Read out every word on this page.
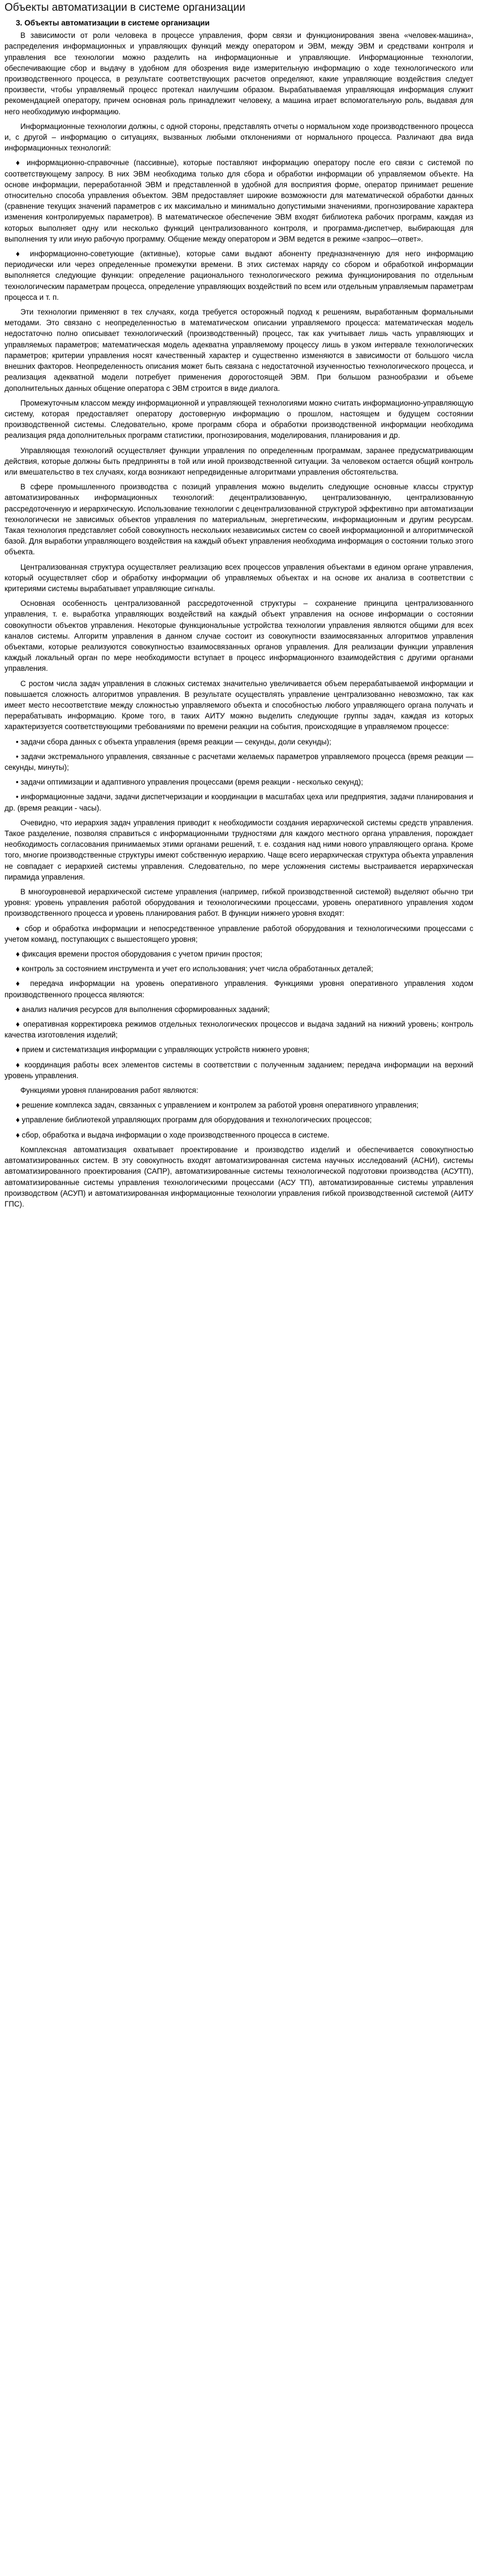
Объекты автоматизации в системе организации
3. Объекты автоматизации в системе организации

В зависимости от роли человека в процессе управления, форм связи и функционирования звена «человек-машина», распределения информационных и управляющих функций между оператором и ЭВМ, между ЭВМ и средствами контроля и управления все технологии можно разделить на информационные и управляющие. Информационные технологии, обеспечивающие сбор и выдачу в удобном для обозрения виде измерительную информацию о ходе технологического или производственного процесса, в результате соответствующих расчетов определяют, какие управляющие воздействия следует произвести, чтобы управляемый процесс протекал наилучшим образом. Вырабатываемая управляющая информация служит рекомендацией оператору, причем основная роль принадлежит человеку, а машина играет вспомогательную роль, выдавая для него необходимую информацию.

Информационные технологии должны, с одной стороны, представлять отчеты о нормальном ходе производственного процесса и, с другой – информацию о ситуациях, вызванных любыми отклонениями от нормального процесса. Различают два вида информационных технологий:

♦ информационно-справочные (пассивные), которые поставляют информацию оператору после его связи с системой по соответствующему запросу. В них ЭВМ необходима только для сбора и обработки информации об управляемом объекте. На основе информации, переработанной ЭВМ и представленной в удобной для восприятия форме, оператор принимает решение относительно способа управления объектом. ЭВМ предоставляет широкие возможности для математической обработки данных (сравнение текущих значений параметров с их максимально и минимально допустимыми значениями, прогнозирование характера изменения контролируемых параметров). В математическое обеспечение ЭВМ входят библиотека рабочих программ, каждая из которых выполняет одну или несколько функций централизованного контроля, и программа-диспетчер, выбирающая для выполнения ту или иную рабочую программу. Общение между оператором и ЭВМ ведется в режиме «запрос—ответ».

♦ информационно-советующие (активные), которые сами выдают абоненту предназначенную для него информацию периодически или через определенные промежутки времени. В этих системах наряду со сбором и обработкой информации выполняется следующие функции: определение рационального технологического режима функционирования по отдельным технологическим параметрам процесса, определение управляющих воздействий по всем или отдельным управляемым параметрам процесса и т. п.

Эти технологии применяют в тех случаях, когда требуется осторожный подход к решениям, выработанным формальными методами. Это связано с неопределенностью в математическом описании управляемого процесса: математическая модель недостаточно полно описывает технологический (производственный) процесс, так как учитывает лишь часть управляющих и управляемых параметров; математическая модель адекватна управляемому процессу лишь в узком интервале технологических параметров; критерии управления носят качественный характер и существенно изменяются в зависимости от большого числа внешних факторов. Неопределенность описания может быть связана с недостаточной изученностью технологического процесса, и реализация адекватной модели потребует применения дорогостоящей ЭВМ. При большом разнообразии и объеме дополнительных данных общение оператора с ЭВМ строится в виде диалога.

Промежуточным классом между информационной и управляющей технологиями можно считать информационно-управляющую систему, которая предоставляет оператору достоверную информацию о прошлом, настоящем и будущем состоянии производственной системы. Следовательно, кроме программ сбора и обработки производственной информации необходима реализация ряда дополнительных программ статистики, прогнозирования, моделирования, планирования и др.

Управляющая технологий осуществляет функции управления по определенным программам, заранее предусматривающим действия, которые должны быть предприняты в той или иной производственной ситуации. За человеком остается общий контроль или вмешательство в тех случаях, когда возникают непредвиденные алгоритмами управления обстоятельства.

В сфере промышленного производства с позиций управления можно выделить следующие основные классы структур автоматизированных информационных технологий: децентрализованную, централизованную, централизованную рассредоточенную и иерархическую. Использование технологии с децентрализованной структурой эффективно при автоматизации технологически не зависимых объектов управления по материальным, энергетическим, информационным и другим ресурсам. Такая технология представляет собой совокупность нескольких независимых систем со своей информационной и алгоритмической базой. Для выработки управляющего воздействия на каждый объект управления необходима информация о состоянии только этого объекта.

Централизованная структура осуществляет реализацию всех процессов управления объектами в едином органе управления, который осуществляет сбор и обработку информации об управляемых объектах и на основе их анализа в соответствии с критериями системы вырабатывает управляющие сигналы.

Основная особенность централизованной рассредоточенной структуры – сохранение принципа централизованного управления, т. е. выработка управляющих воздействий на каждый объект управления на основе информации о состоянии совокупности объектов управления. Некоторые функциональные устройства технологии управления являются общими для всех каналов системы. Алгоритм управления в данном случае состоит из совокупности взаимосвязанных алгоритмов управления объектами, которые реализуются совокупностью взаимосвязанных органов управления. Для реализации функции управления каждый локальный орган по мере необходимости вступает в процесс информационного взаимодействия с другими органами управления.

С ростом числа задач управления в сложных системах значительно увеличивается объем перерабатываемой информации и повышается сложность алгоритмов управления. В результате осуществлять управление централизованно невозможно, так как имеет место несоответствие между сложностью управляемого объекта и способностью любого управляющего органа получать и перерабатывать информацию. Кроме того, в таких АИТУ можно выделить следующие группы задач, каждая из которых характеризуется соответствующими требованиями по времени реакции на события, происходящие в управляемом процессе:

• задачи сбора данных с объекта управления (время реакции — секунды, доли секунды);

• задачи экстремального управления, связанные с расчетами желаемых параметров управляемого процесса (время реакции — секунды, минуты);

• задачи оптимизации и адаптивного управления процессами (время реакции - несколько секунд);

• информационные задачи, задачи диспетчеризации и координации в масштабах цеха или предприятия, задачи планирования и др. (время реакции - часы).

Очевидно, что иерархия задач управления приводит к необходимости создания иерархической системы средств управления. Такое разделение, позволяя справиться с информационными трудностями для каждого местного органа управления, порождает необходимость согласования принимаемых этими органами решений, т. е. создания над ними нового управляющего органа. Кроме того, многие производственные структуры имеют собственную иерархию. Чаще всего иерархическая структура объекта управления не совпадает с иерархией системы управления. Следовательно, по мере усложнения системы выстраивается иерархическая пирамида управления.

В многоуровневой иерархической системе управления (например, гибкой производственной системой) выделяют обычно три уровня: уровень управления работой оборудования и технологическими процессами, уровень оперативного управления ходом производственного процесса и уровень планирования работ. В функции нижнего уровня входят:

♦ сбор и обработка информации и непосредственное управление работой оборудования и технологическими процессами с учетом команд, поступающих с вышестоящего уровня;

♦ фиксация времени простоя оборудования с учетом причин простоя;

♦ контроль за состоянием инструмента и учет его использования; учет числа обработанных деталей;

♦ передача информации на уровень оперативного управления. Функциями уровня оперативного управления ходом производственного процесса являются:

♦ анализ наличия ресурсов для выполнения сформированных заданий;

♦ оперативная корректировка режимов отдельных технологических процессов и выдача заданий на нижний уровень; контроль качества изготовления изделий;

♦ прием и систематизация информации с управляющих устройств нижнего уровня;

♦ координация работы всех элементов системы в соответствии с полученным заданием; передача информации на верхний уровень управления.

Функциями уровня планирования работ являются:

♦ решение комплекса задач, связанных с управлением и контролем за работой уровня оперативного управления;

♦ управление библиотекой управляющих программ для оборудования и технологических процессов;

♦ сбор, обработка и выдача информации о ходе производственного процесса в системе.

Комплексная автоматизация охватывает проектирование и производство изделий и обеспечивается совокупностью автоматизированных систем. В эту совокупность входят автоматизированная система научных исследований (АСНИ), системы автоматизированного проектирования (САПР), автоматизированные системы технологической подготовки производства (АСУТП), автоматизированные системы управления технологическими процессами (АСУ ТП), автоматизированные системы управления производством (АСУП) и автоматизированная информационные технологии управления гибкой производственной системой (АИТУ ГПС).
